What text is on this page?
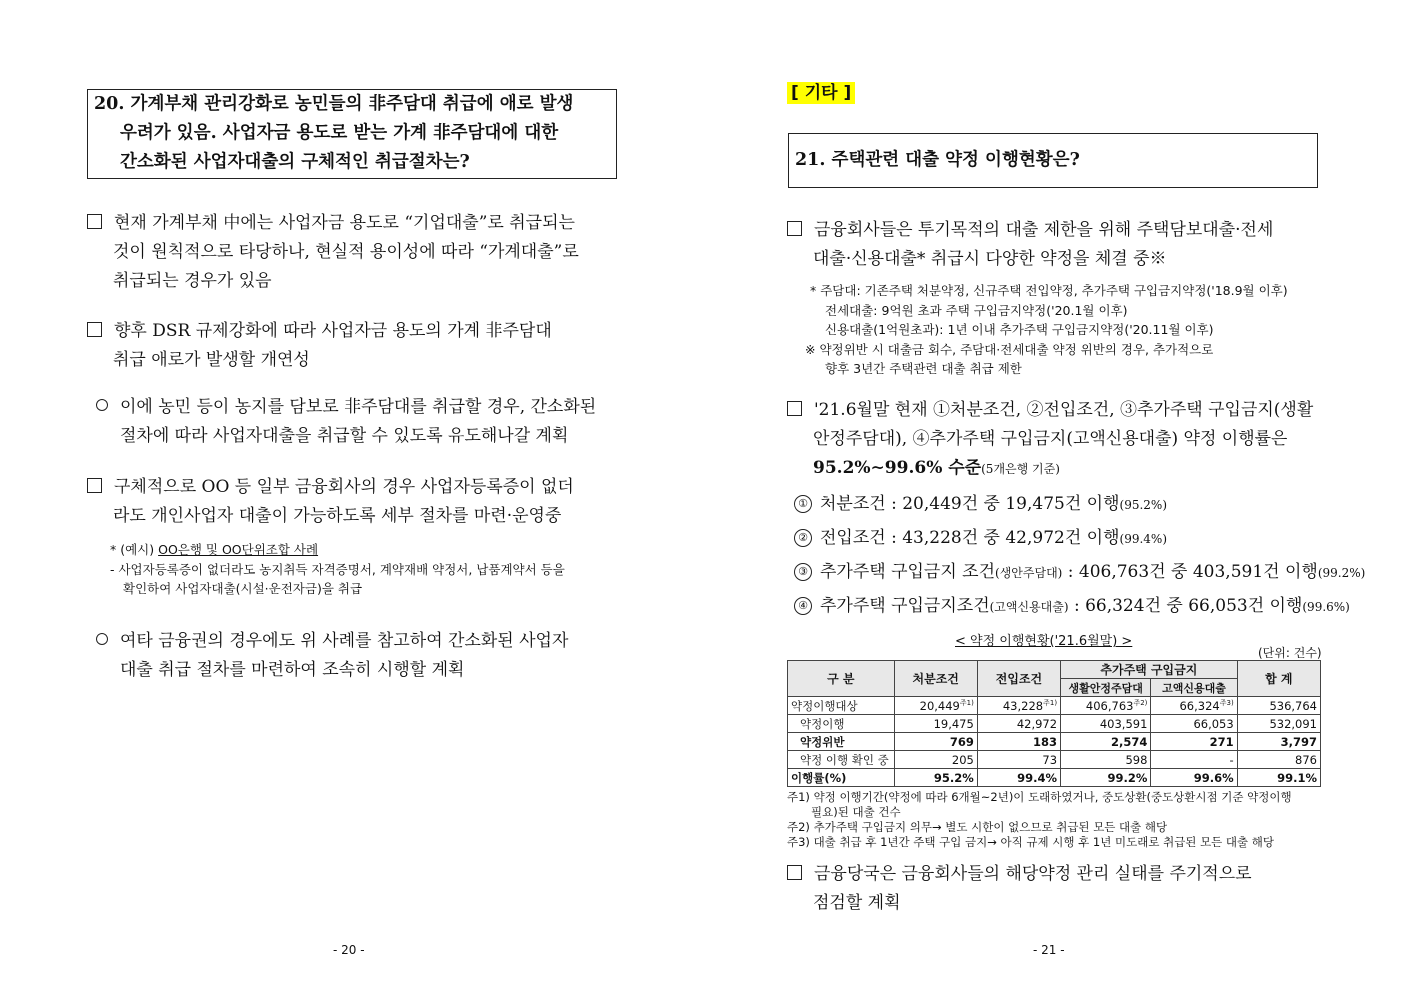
20. 가계부채 관리강화로 농민들의 非주담대 취급에 애로 발생
우려가 있음. 사업자금 용도로 받는 가계 非주담대에 대한
간소화된 사업자대출의 구체적인 취급절차는?
현재 가계부채 中에는 사업자금 용도로 “기업대출”로 취급되는
것이 원칙적으로 타당하나, 현실적 용이성에 따라 “가계대출”로
취급되는 경우가 있음
향후 DSR 규제강화에 따라 사업자금 용도의 가계 非주담대
취급 애로가 발생할 개연성
이에 농민 등이 농지를 담보로 非주담대를 취급할 경우, 간소화된
절차에 따라 사업자대출을 취급할 수 있도록 유도해나갈 계획
구체적으로 OO 등 일부 금융회사의 경우 사업자등록증이 없더
라도 개인사업자 대출이 가능하도록 세부 절차를 마련·운영중
* (예시) OO은행 및 OO단위조합 사례
- 사업자등록증이 없더라도 농지취득 자격증명서, 계약재배 약정서, 납품계약서 등을
확인하여 사업자대출(시설·운전자금)을 취급
여타 금융권의 경우에도 위 사례를 참고하여 간소화된 사업자
대출 취급 절차를 마련하여 조속히 시행할 계획
- 20 -
[ 기타 ]
21. 주택관련 대출 약정 이행현황은?
금융회사들은 투기목적의 대출 제한을 위해 주택담보대출·전세
대출·신용대출* 취급시 다양한 약정을 체결 중※
* 주담대: 기존주택 처분약정, 신규주택 전입약정, 추가주택 구입금지약정('18.9월 이후)
전세대출: 9억원 초과 주택 구입금지약정('20.1월 이후)
신용대출(1억원초과): 1년 이내 추가주택 구입금지약정('20.11월 이후)
※ 약정위반 시 대출금 회수, 주담대·전세대출 약정 위반의 경우, 추가적으로
향후 3년간 주택관련 대출 취급 제한
'21.6월말 현재 ①처분조건, ②전입조건, ③추가주택 구입금지(생활
안정주담대), ④추가주택 구입금지(고액신용대출) 약정 이행률은
95.2%∼99.6% 수준(5개은행 기준)
① 처분조건 : 20,449건 중 19,475건 이행(95.2%)
② 전입조건 : 43,228건 중 42,972건 이행(99.4%)
③ 추가주택 구입금지 조건(생안주담대) : 406,763건 중 403,591건 이행(99.2%)
④ 추가주택 구입금지조건(고액신용대출) : 66,324건 중 66,053건 이행(99.6%)
< 약정 이행현황('21.6월말) >
(단위: 건수)
구 분	처분조건	전입조건	추가주택 구입금지		합 계
			생활안정주담대	고액신용대출	
약정이행대상	$20,449^{주1)}$	$43,228^{주1)}$	$406,763^{주2)}$	$66,324^{주3)}$	536,764
약정이행	19,475	42,972	403,591	66,053	532,091
약정위반	769	183	2,574	271	3,797
약정 이행 확인 중	205	73	598	-	876
이행률(%)	95.2%	99.4%	99.2%	99.6%	99.1%
주1) 약정 이행기간(약정에 따라 6개월~2년)이 도래하였거나, 중도상환(중도상환시점 기준 약정이행
필요)된 대출 건수
주2) 추가주택 구입금지 의무→ 별도 시한이 없으므로 취급된 모든 대출 해당
주3) 대출 취급 후 1년간 주택 구입 금지→ 아직 규제 시행 후 1년 미도래로 취급된 모든 대출 해당
금융당국은 금융회사들의 해당약정 관리 실태를 주기적으로
점검할 계획
- 21 -
